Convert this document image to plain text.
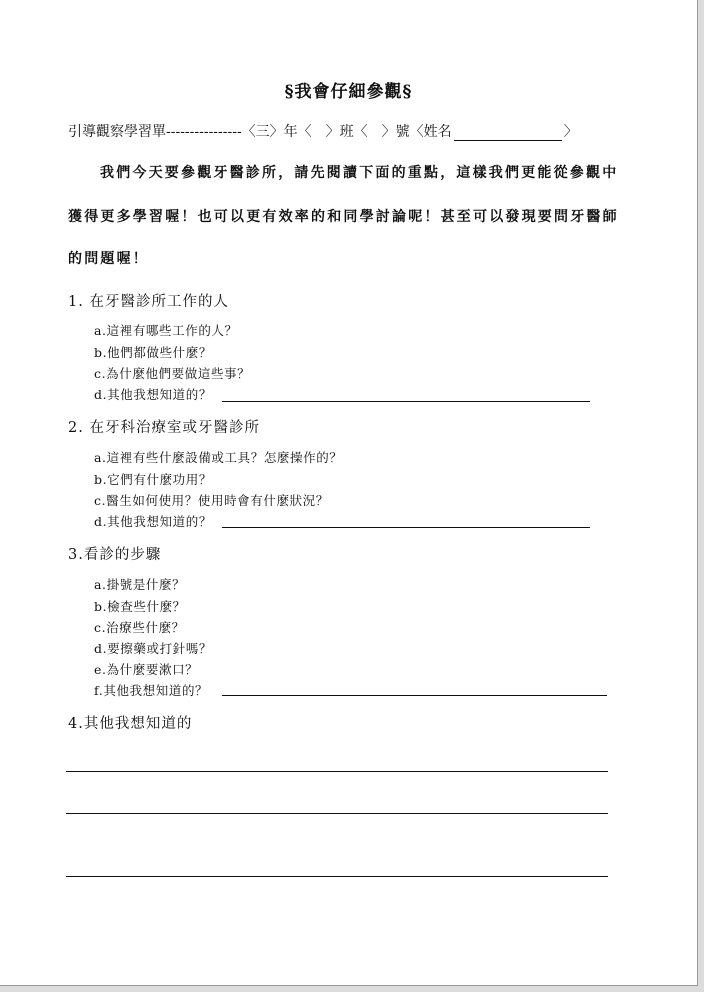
§我會仔細參觀§
引導觀察學習單----------------〈三〉年〈　〉班〈　〉號〈姓名	〉
我們今天要參觀牙醫診所，請先閱讀下面的重點，這樣我們更能從參觀中
獲得更多學習喔！也可以更有效率的和同學討論呢！甚至可以發現要問牙醫師
的問題喔！
1. 在牙醫診所工作的人
a.這裡有哪些工作的人？
b.他們都做些什麼？
c.為什麼他們要做這些事？
d.其他我想知道的？
2. 在牙科治療室或牙醫診所
a.這裡有些什麼設備或工具？怎麼操作的？
b.它們有什麼功用？
c.醫生如何使用？使用時會有什麼狀況？
d.其他我想知道的？
3.看診的步驟
a.掛號是什麼？
b.檢查些什麼？
c.治療些什麼？
d.要擦藥或打針嗎？
e.為什麼要漱口？
f.其他我想知道的？
4.其他我想知道的
